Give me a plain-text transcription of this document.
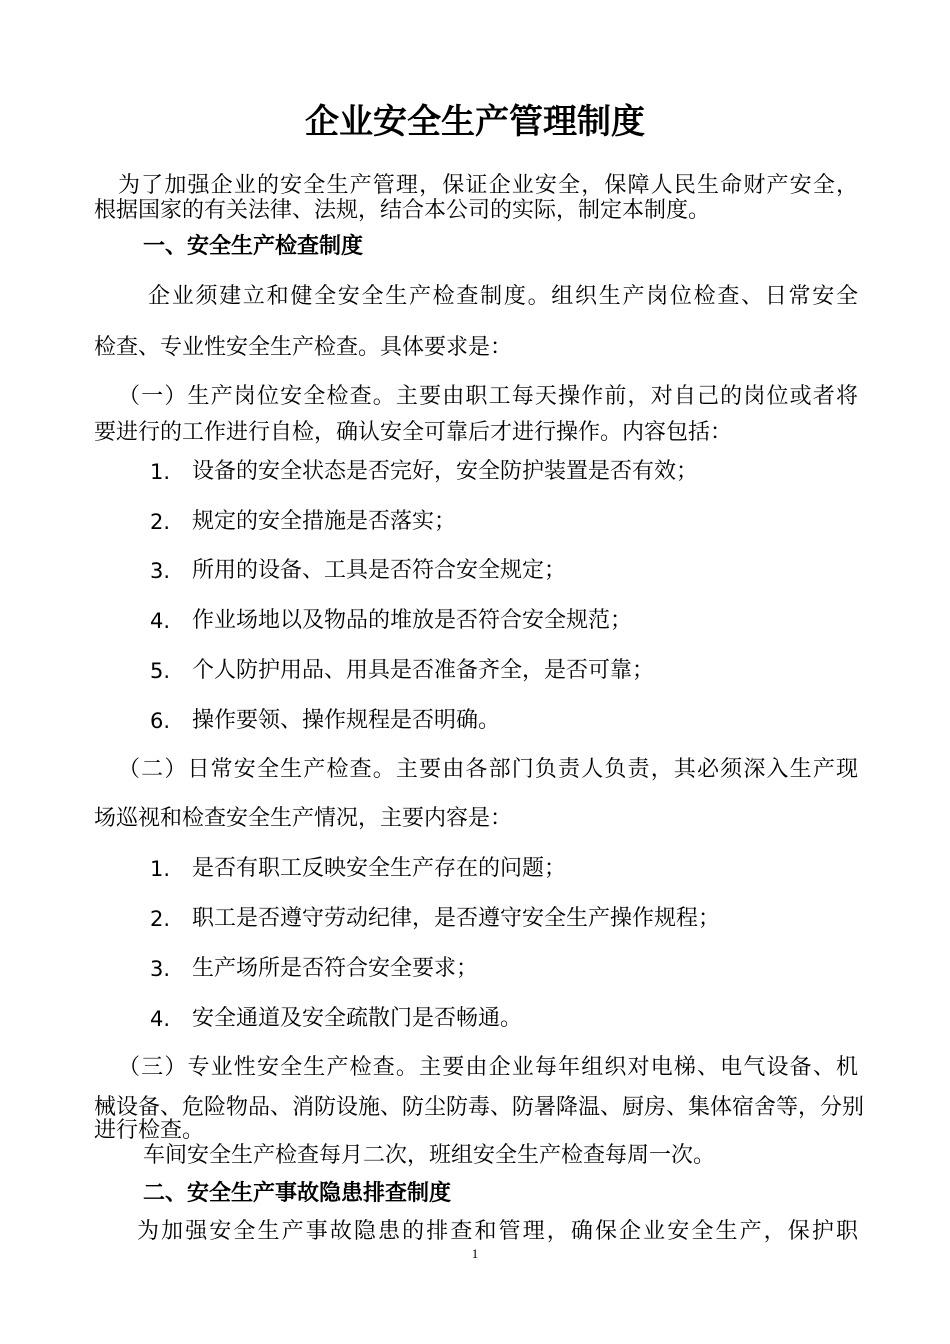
企业安全生产管理制度
为了加强企业的安全生产管理，保证企业安全，保障人民生命财产安全，
根据国家的有关法律、法规，结合本公司的实际，制定本制度。
一、安全生产检查制度
企业须建立和健全安全生产检查制度。组织生产岗位检查、日常安全
检查、专业性安全生产检查。具体要求是：
（一）生产岗位安全检查。主要由职工每天操作前，对自己的岗位或者将
要进行的工作进行自检，确认安全可靠后才进行操作。内容包括：
1. 设备的安全状态是否完好，安全防护装置是否有效；
2. 规定的安全措施是否落实；
3. 所用的设备、工具是否符合安全规定；
4. 作业场地以及物品的堆放是否符合安全规范；
5. 个人防护用品、用具是否准备齐全，是否可靠；
6. 操作要领、操作规程是否明确。
（二）日常安全生产检查。主要由各部门负责人负责，其必须深入生产现
场巡视和检查安全生产情况，主要内容是：
1. 是否有职工反映安全生产存在的问题；
2. 职工是否遵守劳动纪律，是否遵守安全生产操作规程；
3. 生产场所是否符合安全要求；
4. 安全通道及安全疏散门是否畅通。
（三）专业性安全生产检查。主要由企业每年组织对电梯、电气设备、机
械设备、危险物品、消防设施、防尘防毒、防暑降温、厨房、集体宿舍等，分别
进行检查。
车间安全生产检查每月二次，班组安全生产检查每周一次。
二、安全生产事故隐患排查制度
为加强安全生产事故隐患的排查和管理，确保企业安全生产，保护职
1
